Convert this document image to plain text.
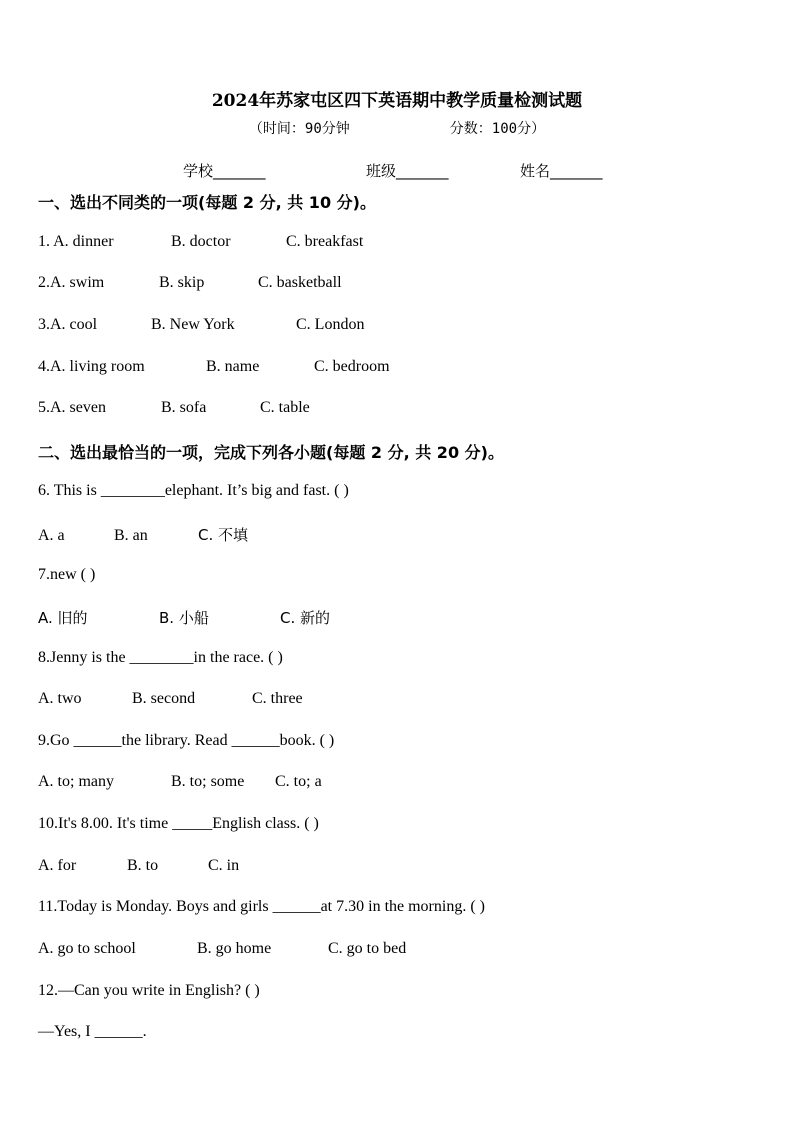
2024年苏家屯区四下英语期中教学质量检测试题
（时间：90分钟	分数：100分）
学校_______	班级_______	姓名_______
一、选出不同类的一项(每题 2 分, 共 10 分)。
1. A. dinner	B. doctor	C. breakfast
2.A. swim	B. skip	C. basketball
3.A. cool	B. New York	C. London
4.A. living room	B. name	C. bedroom
5.A. seven	B. sofa	C. table
二、选出最恰当的一项，完成下列各小题(每题 2 分, 共 20 分)。
6. This is ________elephant. It’s big and fast. ( )
A. a	B. an	C. 不填
7.new ( )
A. 旧的	B. 小船	C. 新的
8.Jenny is the ________in the race. ( )
A. two	B. second	C. three
9.Go ______the library. Read ______book. ( )
A. to; many	B. to; some C. to; a
10.It's 8.00. It's time _____English class. ( )
A. for	B. to	C. in
11.Today is Monday. Boys and girls ______at 7.30 in the morning. ( )
A. go to school	B. go home	C. go to bed
12.—Can you write in English? ( )
—Yes, I ______.
